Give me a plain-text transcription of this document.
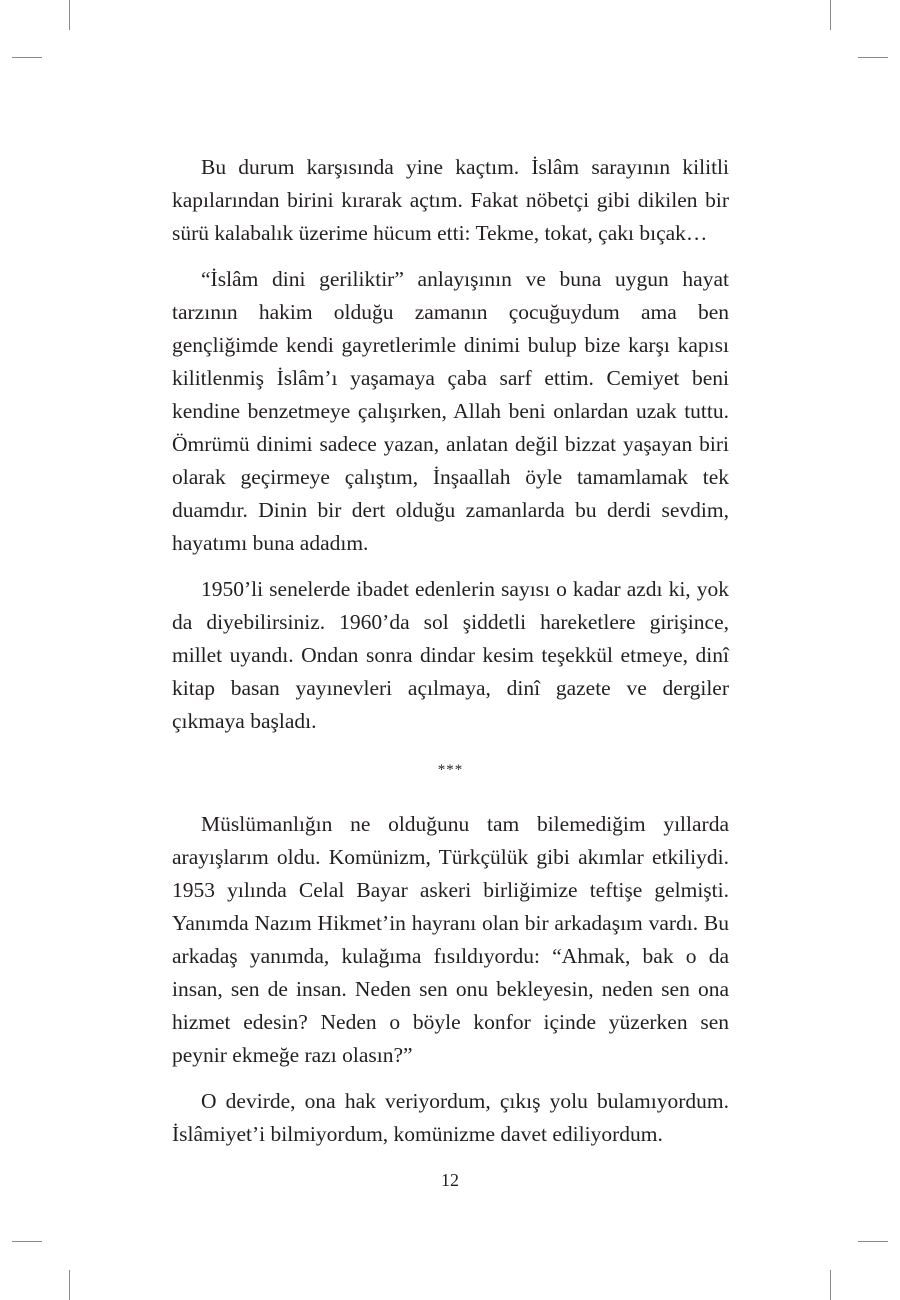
Bu durum karşısında yine kaçtım. İslâm sarayının kilitli kapılarından birini kırarak açtım. Fakat nöbetçi gibi dikilen bir sürü kalabalık üzerime hücum etti: Tekme, tokat, çakı bıçak…

“İslâm dini geriliktir” anlayışının ve buna uygun hayat tarzının hakim olduğu zamanın çocuğuydum ama ben gençliğimde kendi gayretlerimle dinimi bulup bize karşı kapısı kilitlenmiş İslâm’ı yaşamaya çaba sarf ettim. Cemiyet beni kendine benzetmeye çalışırken, Allah beni onlardan uzak tuttu. Ömrümü dinimi sadece yazan, anlatan değil bizzat yaşayan biri olarak geçirmeye çalıştım, İnşaallah öyle tamamlamak tek duamdır. Dinin bir dert olduğu zamanlarda bu derdi sevdim, hayatımı buna adadım.

1950’li senelerde ibadet edenlerin sayısı o kadar azdı ki, yok da diyebilirsiniz. 1960’da sol şiddetli hareketlere girişince, millet uyandı. Ondan sonra dindar kesim teşekkül etmeye, dinî kitap basan yayınevleri açılmaya, dinî gazete ve dergiler çıkmaya başladı.

***

Müslümanlığın ne olduğunu tam bilemediğim yıllarda arayışlarım oldu. Komünizm, Türkçülük gibi akımlar etkiliydi. 1953 yılında Celal Bayar askeri birliğimize teftişe gelmişti. Yanımda Nazım Hikmet’in hayranı olan bir arkadaşım vardı. Bu arkadaş yanımda, kulağıma fısıldıyordu: “Ahmak, bak o da insan, sen de insan. Neden sen onu bekleyesin, neden sen ona hizmet edesin? Neden o böyle konfor içinde yüzerken sen peynir ekmeğe razı olasın?”

O devirde, ona hak veriyordum, çıkış yolu bulamıyordum. İslâmiyet’i bilmiyordum, komünizme davet ediliyordum.

12
